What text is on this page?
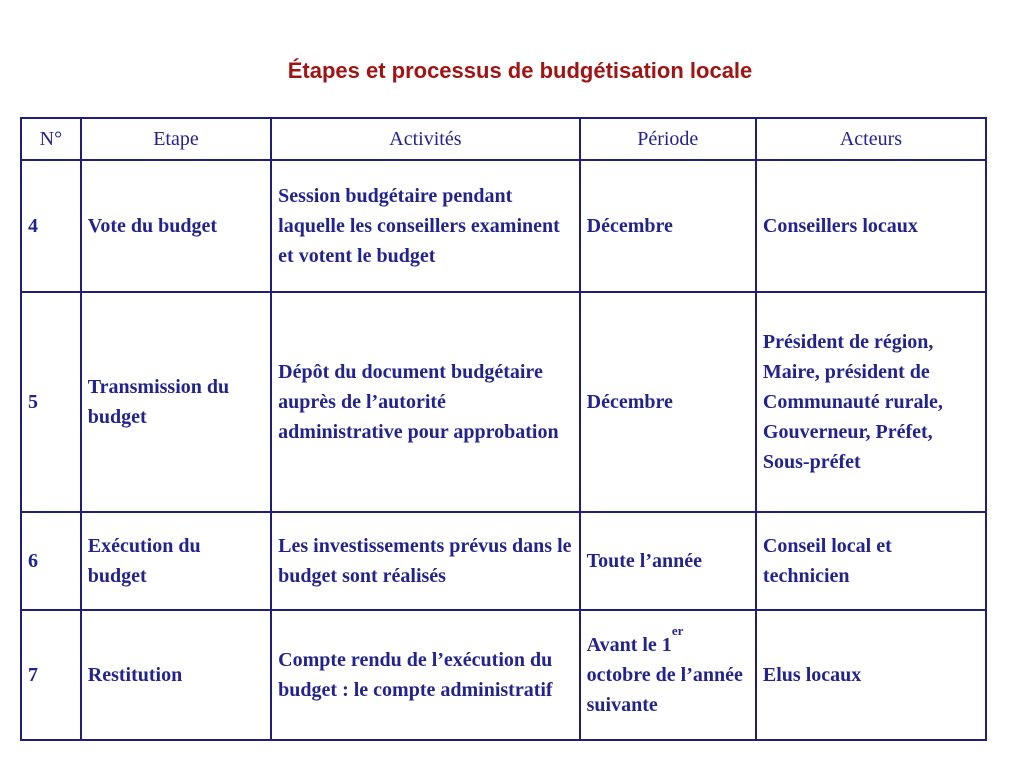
Étapes et processus de budgétisation locale
N°	Etape	Activités	Période	Acteurs
4	Vote du budget	Session budgétaire pendant laquelle les conseillers examinent et votent le budget	Décembre	Conseillers locaux
5	Transmission du budget	Dépôt du document budgétaire auprès de l’autorité administrative pour approbation	Décembre	Président de région, Maire, président de Communauté rurale, Gouverneur, Préfet, Sous-préfet
6	Exécution du budget	Les investissements prévus dans le budget sont réalisés	Toute l’année	Conseil local et technicien
7	Restitution	Compte rendu de l’exécution du budget : le compte administratif	Avant le 1er octobre de l’année suivante	Elus locaux
